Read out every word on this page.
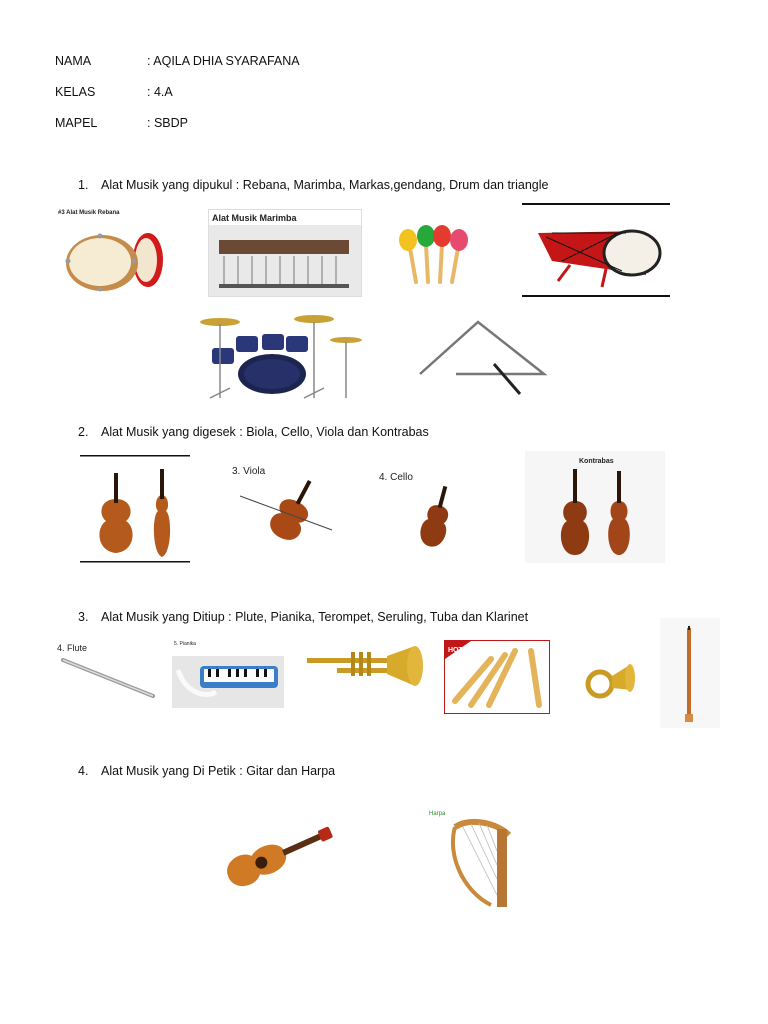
NAMA	: AQILA DHIA SYARAFANA
KELAS	: 4.A
MAPEL	: SBDP
1. Alat Musik yang dipukul : Rebana, Marimba, Markas,gendang, Drum dan triangle
#3 Alat Musik Rebana	Alat Musik Marimba
2. Alat Musik yang digesek : Biola, Cello, Viola dan Kontrabas
3. Viola
4. Cello
Kontrabas
3. Alat Musik yang Ditiup : Plute, Pianika, Terompet, Seruling, Tuba dan Klarinet
4. Flute	5. Pianika
HOT
4. Alat Musik yang Di Petik : Gitar dan Harpa
Harpa
